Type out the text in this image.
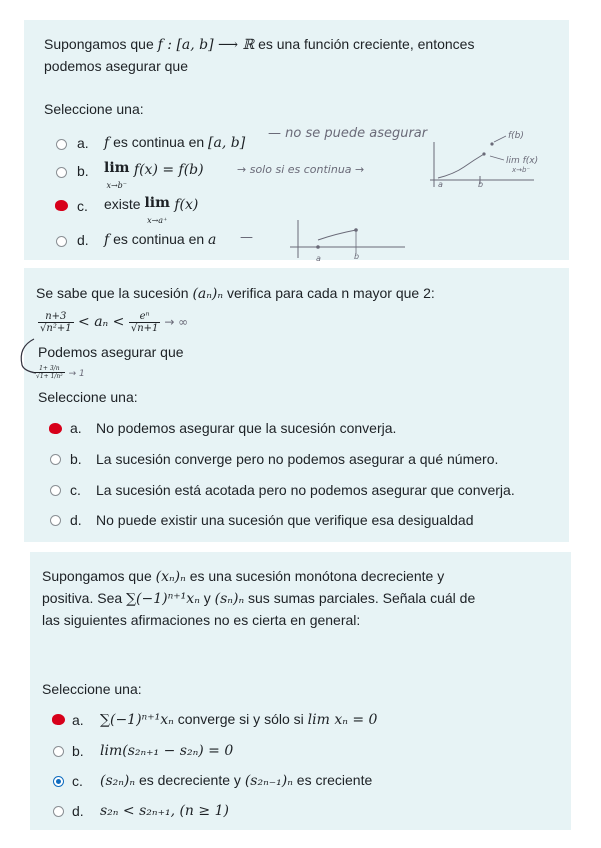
Supongamos que f : [a, b] ⟶ ℝ es una función creciente, entonces
podemos asegurar que
Seleccione una:
a. f es continua en [a, b]
b. lim
x→b⁻ f(x) = f(b)
c. existe lim
x→a⁺ f(x)
d. f es continua en a
— no se puede asegurar
→ solo si es continua →
—
f(b)
lim f(x)
x→b⁻
a	b
a	b
Se sabe que la sucesión (aₙ)ₙ verifica para cada n mayor que 2:
$\frac{n+3}{\text{√n²+1}} < a_n < \frac{\text{eⁿ}}{√n+1}$ → ∞
Podemos asegurar que
$\frac{1+ 3/n}{\text{√1+ 1/n²}} \to 1$
Seleccione una:
a. No podemos asegurar que la sucesión converja.
b. La sucesión converge pero no podemos asegurar a qué número.
c. La sucesión está acotada pero no podemos asegurar que converja.
d. No puede existir una sucesión que verifique esa desigualdad
Supongamos que (xₙ)ₙ es una sucesión monótona decreciente y
positiva. Sea ∑(−1)ⁿ⁺¹xₙ y (sₙ)ₙ sus sumas parciales. Señala cuál de
las siguientes afirmaciones no es cierta en general:
Seleccione una:
a. ∑(−1)ⁿ⁺¹xₙ converge si y sólo si lim xₙ = 0
b. lim(s₂ₙ₊₁ − s₂ₙ) = 0
c. (s₂ₙ)ₙ es decreciente y (s₂ₙ₋₁)ₙ es creciente
d. s₂ₙ < s₂ₙ₊₁, (n ≥ 1)
